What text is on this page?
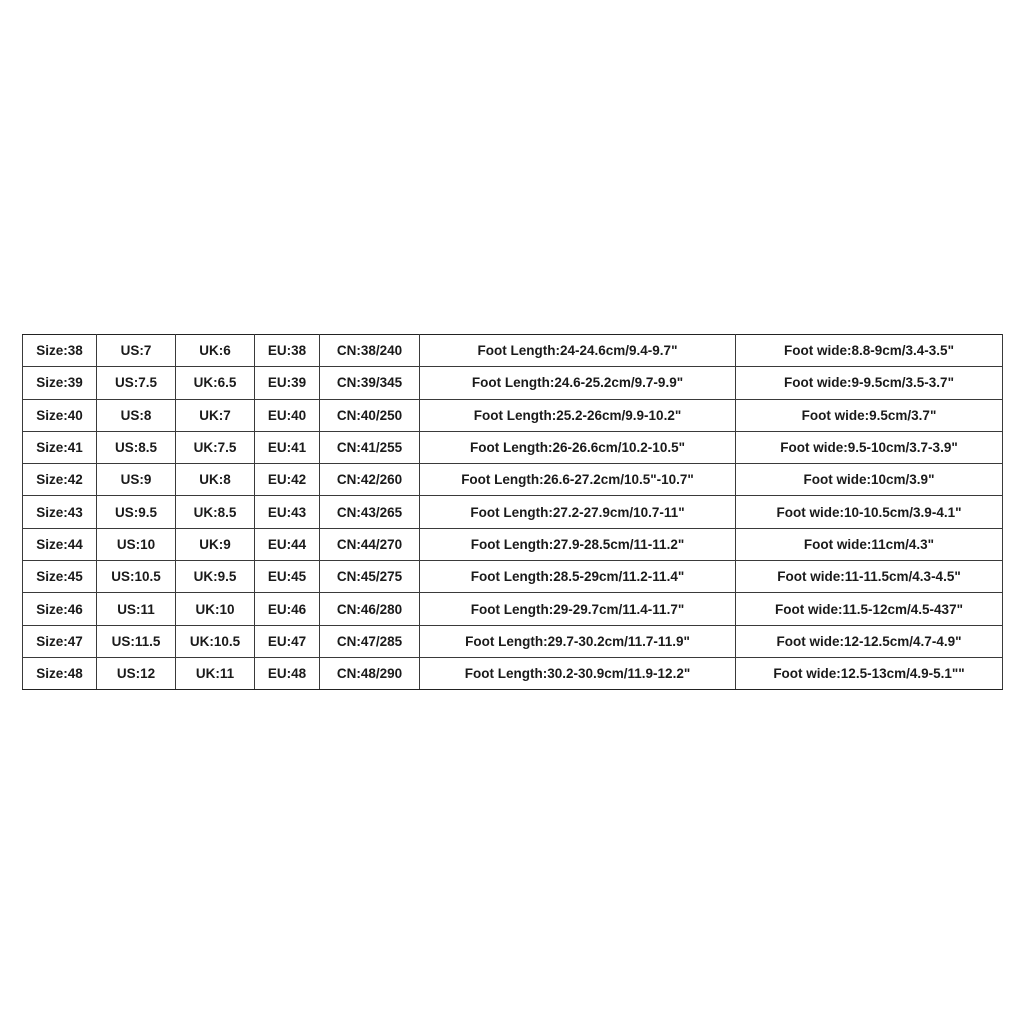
Size:38	US:7	UK:6	EU:38	CN:38/240	Foot Length:24-24.6cm/9.4-9.7"	Foot wide:8.8-9cm/3.4-3.5"
Size:39	US:7.5	UK:6.5	EU:39	CN:39/345	Foot Length:24.6-25.2cm/9.7-9.9"	Foot wide:9-9.5cm/3.5-3.7"
Size:40	US:8	UK:7	EU:40	CN:40/250	Foot Length:25.2-26cm/9.9-10.2"	Foot wide:9.5cm/3.7"
Size:41	US:8.5	UK:7.5	EU:41	CN:41/255	Foot Length:26-26.6cm/10.2-10.5"	Foot wide:9.5-10cm/3.7-3.9"
Size:42	US:9	UK:8	EU:42	CN:42/260	Foot Length:26.6-27.2cm/10.5"-10.7"	Foot wide:10cm/3.9"
Size:43	US:9.5	UK:8.5	EU:43	CN:43/265	Foot Length:27.2-27.9cm/10.7-11"	Foot wide:10-10.5cm/3.9-4.1"
Size:44	US:10	UK:9	EU:44	CN:44/270	Foot Length:27.9-28.5cm/11-11.2"	Foot wide:11cm/4.3"
Size:45	US:10.5	UK:9.5	EU:45	CN:45/275	Foot Length:28.5-29cm/11.2-11.4"	Foot wide:11-11.5cm/4.3-4.5"
Size:46	US:11	UK:10	EU:46	CN:46/280	Foot Length:29-29.7cm/11.4-11.7"	Foot wide:11.5-12cm/4.5-437"
Size:47	US:11.5	UK:10.5	EU:47	CN:47/285	Foot Length:29.7-30.2cm/11.7-11.9"	Foot wide:12-12.5cm/4.7-4.9"
Size:48	US:12	UK:11	EU:48	CN:48/290	Foot Length:30.2-30.9cm/11.9-12.2"	Foot wide:12.5-13cm/4.9-5.1""
